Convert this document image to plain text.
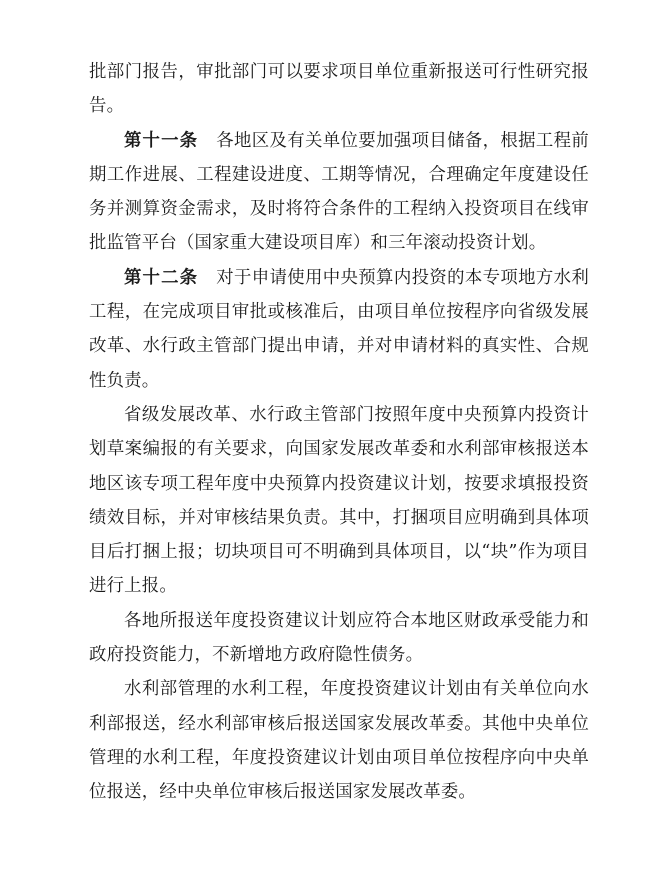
批部门报告，审批部门可以要求项目单位重新报送可行性研究报告。

第十一条 各地区及有关单位要加强项目储备，根据工程前期工作进展、工程建设进度、工期等情况，合理确定年度建设任务并测算资金需求，及时将符合条件的工程纳入投资项目在线审批监管平台（国家重大建设项目库）和三年滚动投资计划。

第十二条 对于申请使用中央预算内投资的本专项地方水利工程，在完成项目审批或核准后，由项目单位按程序向省级发展改革、水行政主管部门提出申请，并对申请材料的真实性、合规性负责。

省级发展改革、水行政主管部门按照年度中央预算内投资计划草案编报的有关要求，向国家发展改革委和水利部审核报送本地区该专项工程年度中央预算内投资建议计划，按要求填报投资绩效目标，并对审核结果负责。其中，打捆项目应明确到具体项目后打捆上报；切块项目可不明确到具体项目，以“块”作为项目进行上报。

各地所报送年度投资建议计划应符合本地区财政承受能力和政府投资能力，不新增地方政府隐性债务。

水利部管理的水利工程，年度投资建议计划由有关单位向水利部报送，经水利部审核后报送国家发展改革委。其他中央单位管理的水利工程，年度投资建议计划由项目单位按程序向中央单位报送，经中央单位审核后报送国家发展改革委。
